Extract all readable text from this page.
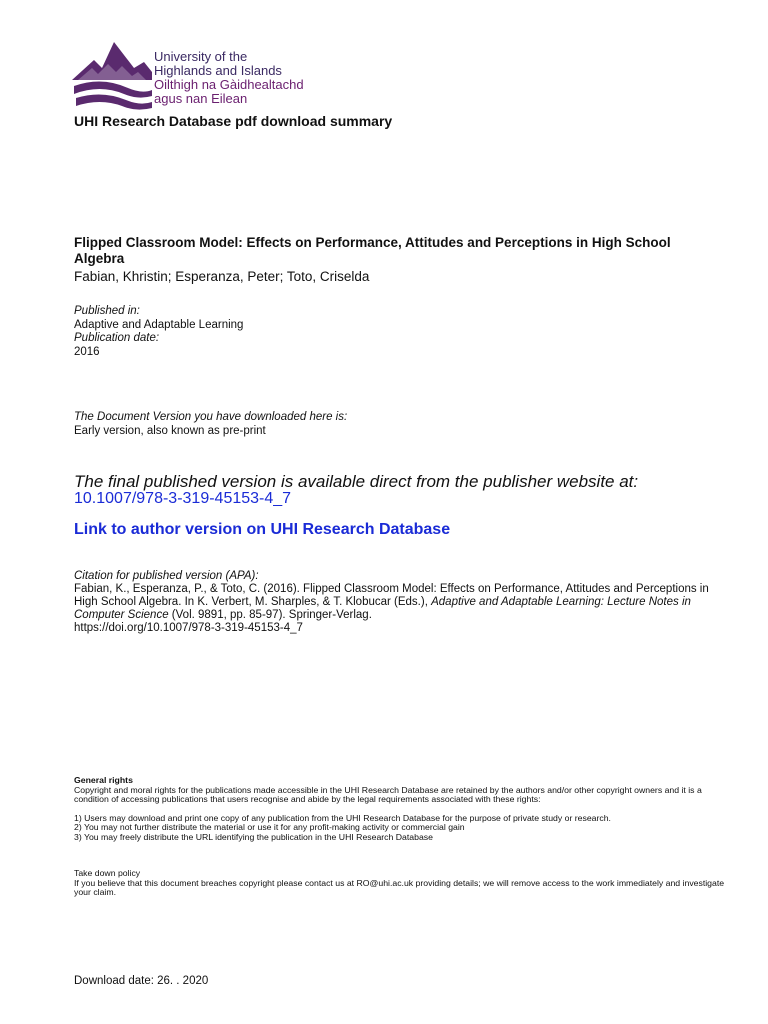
University of the
Highlands and Islands
Oilthigh na Gàidhealtachd
agus nan Eilean
UHI Research Database pdf download summary
Flipped Classroom Model: Effects on Performance, Attitudes and Perceptions in High School Algebra
Fabian, Khristin; Esperanza, Peter; Toto, Criselda
Published in:
Adaptive and Adaptable Learning
Publication date:
2016
The Document Version you have downloaded here is:
Early version, also known as pre-print
The final published version is available direct from the publisher website at:
10.1007/978-3-319-45153-4_7
Link to author version on UHI Research Database
Citation for published version (APA):
Fabian, K., Esperanza, P., & Toto, C. (2016). Flipped Classroom Model: Effects on Performance, Attitudes and Perceptions in High School Algebra. In K. Verbert, M. Sharples, & T. Klobucar (Eds.), Adaptive and Adaptable Learning: Lecture Notes in Computer Science (Vol. 9891, pp. 85-97). Springer-Verlag.
https://doi.org/10.1007/978-3-319-45153-4_7
General rights
Copyright and moral rights for the publications made accessible in the UHI Research Database are retained by the authors and/or other copyright owners and it is a condition of accessing publications that users recognise and abide by the legal requirements associated with these rights:
1) Users may download and print one copy of any publication from the UHI Research Database for the purpose of private study or research.
2) You may not further distribute the material or use it for any profit-making activity or commercial gain
3) You may freely distribute the URL identifying the publication in the UHI Research Database
Take down policy
If you believe that this document breaches copyright please contact us at RO@uhi.ac.uk providing details; we will remove access to the work immediately and investigate your claim.
Download date: 26. . 2020
